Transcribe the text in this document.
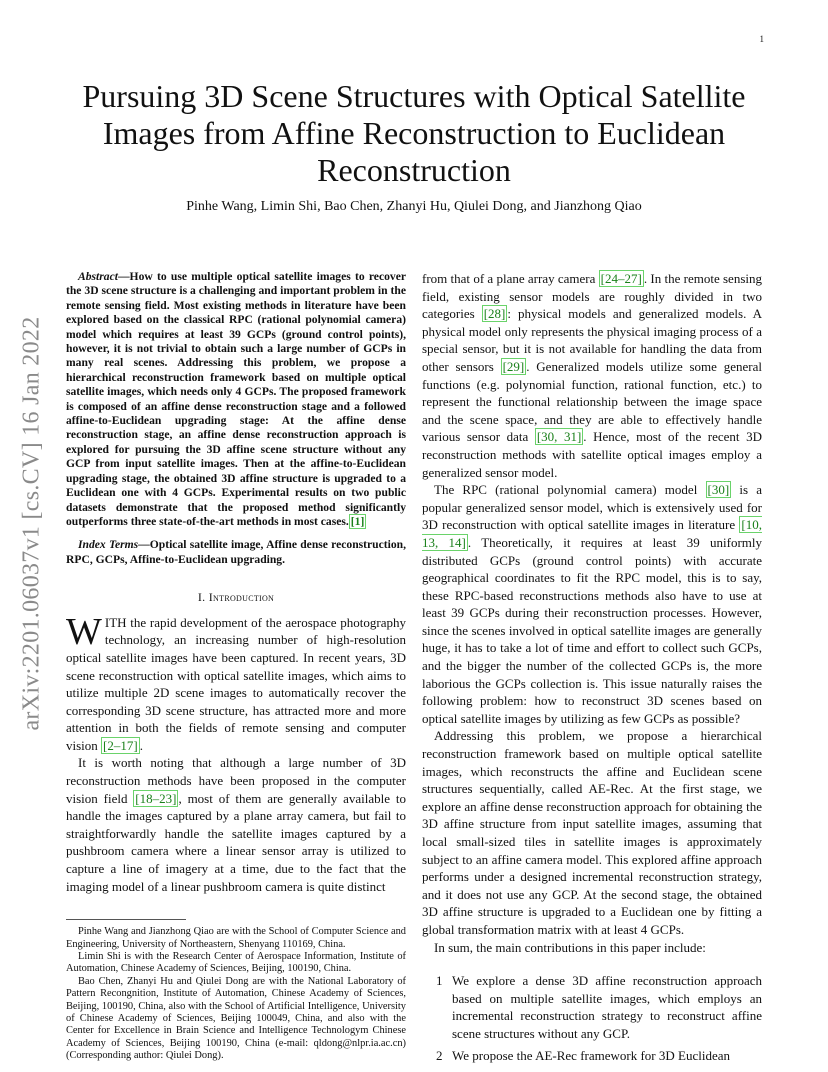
1
arXiv:2201.06037v1 [cs.CV] 16 Jan 2022
Pursuing 3D Scene Structures with Optical Satellite Images from Affine Reconstruction to Euclidean Reconstruction
Pinhe Wang, Limin Shi, Bao Chen, Zhanyi Hu, Qiulei Dong, and Jianzhong Qiao

Abstract—How to use multiple optical satellite images to recover the 3D scene structure is a challenging and important problem in the remote sensing field. Most existing methods in literature have been explored based on the classical RPC (rational polynomial camera) model which requires at least 39 GCPs (ground control points), however, it is not trivial to obtain such a large number of GCPs in many real scenes. Addressing this problem, we propose a hierarchical reconstruction framework based on multiple optical satellite images, which needs only 4 GCPs. The proposed framework is composed of an affine dense reconstruction stage and a followed affine-to-Euclidean upgrading stage: At the affine dense reconstruction stage, an affine dense reconstruction approach is explored for pursuing the 3D affine scene structure without any GCP from input satellite images. Then at the affine-to-Euclidean upgrading stage, the obtained 3D affine structure is upgraded to a Euclidean one with 4 GCPs. Experimental results on two public datasets demonstrate that the proposed method significantly outperforms three state-of-the-art methods in most cases. [1]

Index Terms—Optical satellite image, Affine dense reconstruction, RPC, GCPs, Affine-to-Euclidean upgrading.

I. Introduction

WITH the rapid development of the aerospace photography technology, an increasing number of high-resolution optical satellite images have been captured. In recent years, 3D scene reconstruction with optical satellite images, which aims to utilize multiple 2D scene images to automatically recover the corresponding 3D scene structure, has attracted more and more attention in both the fields of remote sensing and computer vision [2–17] .

It is worth noting that although a large number of 3D reconstruction methods have been proposed in the computer vision field [18–23] , most of them are generally available to handle the images captured by a plane array camera, but fail to straightforwardly handle the satellite images captured by a pushbroom camera where a linear sensor array is utilized to capture a line of imagery at a time, due to the fact that the imaging model of a linear pushbroom camera is quite distinct

Pinhe Wang and Jianzhong Qiao are with the School of Computer Science and Engineering, University of Northeastern, Shenyang 110169, China.

Limin Shi is with the Research Center of Aerospace Information, Institute of Automation, Chinese Academy of Sciences, Beijing, 100190, China.

Bao Chen, Zhanyi Hu and Qiulei Dong are with the National Laboratory of Pattern Recongnition, Institute of Automation, Chinese Academy of Sciences, Beijing, 100190, China, also with the School of Artificial Intelligence, University of Chinese Academy of Sciences, Beijing 100049, China, and also with the Center for Excellence in Brain Science and Intelligence Technologym Chinese Academy of Sciences, Beijing 100190, China (e-mail: qldong@nlpr.ia.ac.cn)(Corresponding author: Qiulei Dong).

from that of a plane array camera [24–27] . In the remote sensing field, existing sensor models are roughly divided in two categories [28] : physical models and generalized models. A physical model only represents the physical imaging process of a special sensor, but it is not available for handling the data from other sensors [29] . Generalized models utilize some general functions (e.g. polynomial function, rational function, etc.) to represent the functional relationship between the image space and the scene space, and they are able to effectively handle various sensor data [30, 31] . Hence, most of the recent 3D reconstruction methods with satellite optical images employ a generalized sensor model.

The RPC (rational polynomial camera) model [30] is a popular generalized sensor model, which is extensively used for 3D reconstruction with optical satellite images in literature [10, 13, 14] . Theoretically, it requires at least 39 uniformly distributed GCPs (ground control points) with accurate geographical coordinates to fit the RPC model, this is to say, these RPC-based reconstructions methods also have to use at least 39 GCPs during their reconstruction processes. However, since the scenes involved in optical satellite images are generally huge, it has to take a lot of time and effort to collect such GCPs, and the bigger the number of the collected GCPs is, the more laborious the GCPs collection is. This issue naturally raises the following problem: how to reconstruct 3D scenes based on optical satellite images by utilizing as few GCPs as possible?

Addressing this problem, we propose a hierarchical reconstruction framework based on multiple optical satellite images, which reconstructs the affine and Euclidean scene structures sequentially, called AE-Rec. At the first stage, we explore an affine dense reconstruction approach for obtaining the 3D affine structure from input satellite images, assuming that local small-sized tiles in satellite images is approximately subject to an affine camera model. This explored affine approach performs under a designed incremental reconstruction strategy, and it does not use any GCP. At the second stage, the obtained 3D affine structure is upgraded to a Euclidean one by fitting a global transformation matrix with at least 4 GCPs.

In sum, the main contributions in this paper include:

1 We explore a dense 3D affine reconstruction approach based on multiple satellite images, which employs an incremental reconstruction strategy to reconstruct affine scene structures without any GCP.
2 We propose the AE-Rec framework for 3D Euclidean
